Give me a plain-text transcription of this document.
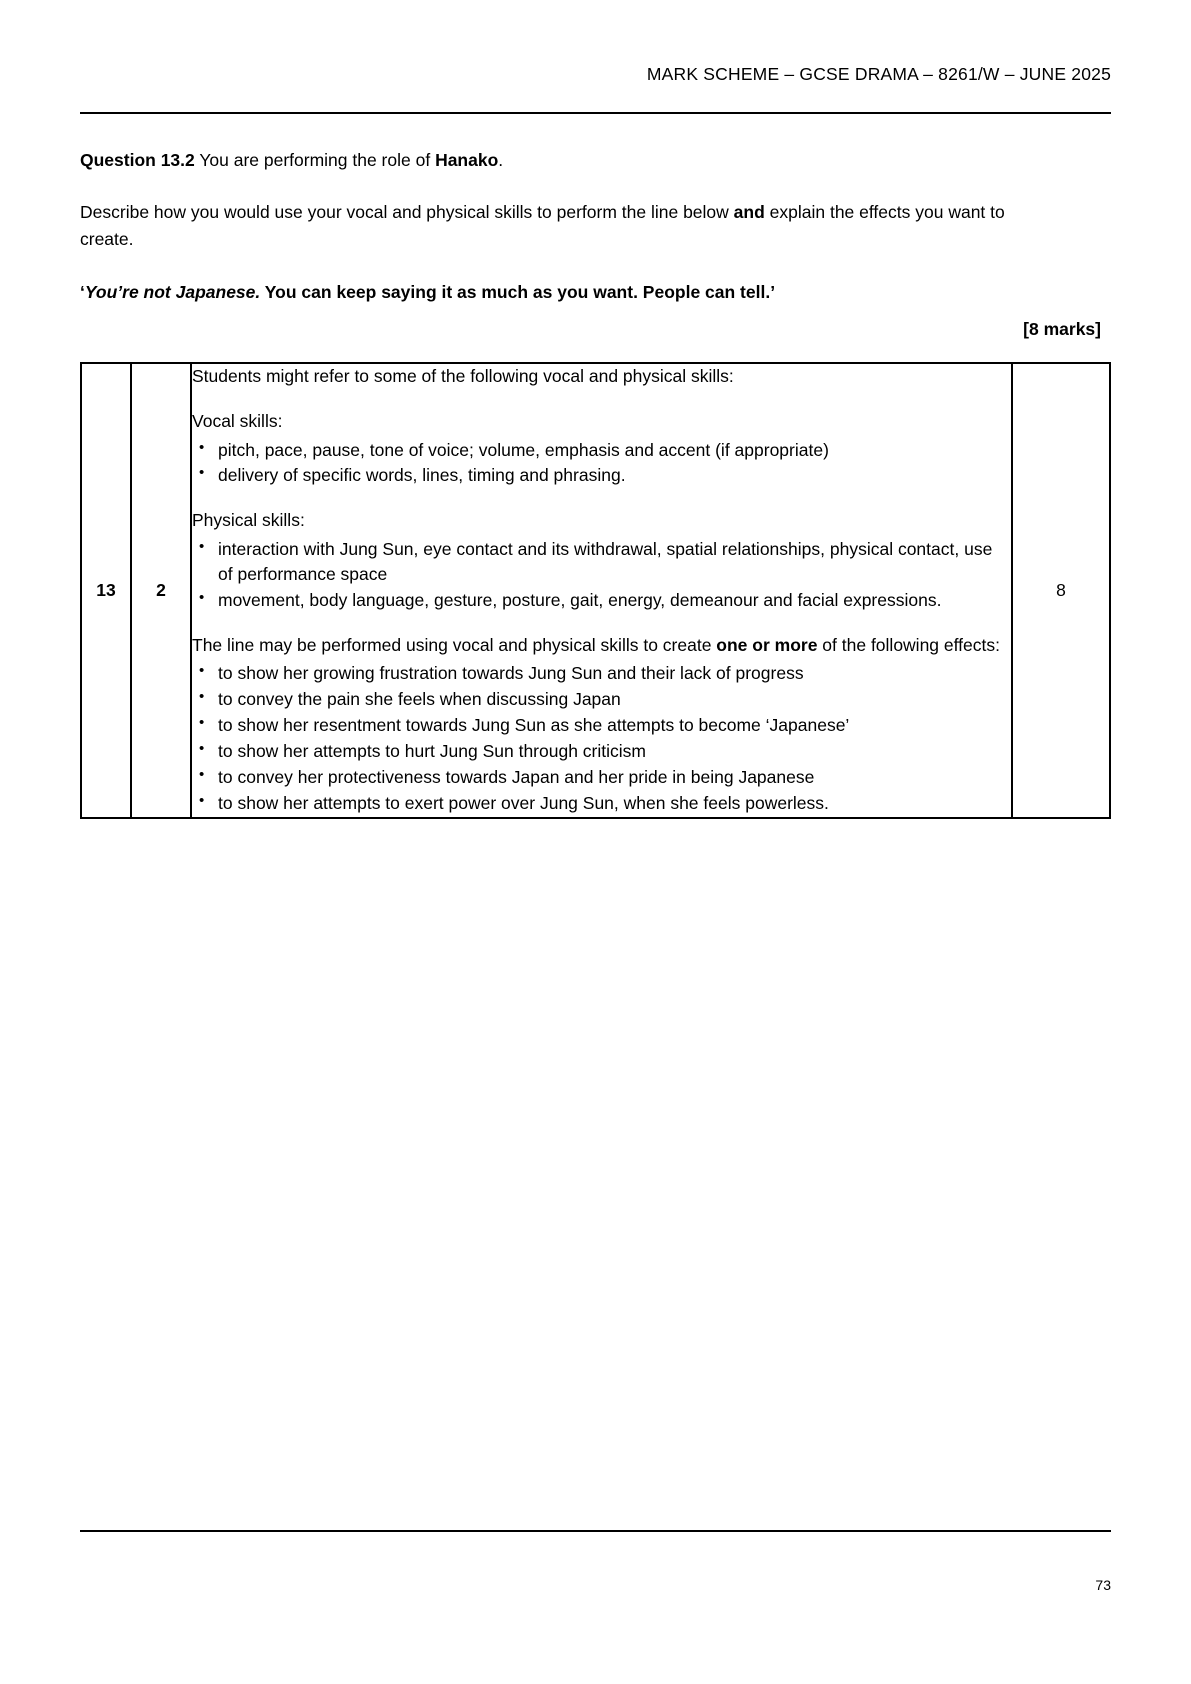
MARK SCHEME – GCSE DRAMA – 8261/W – JUNE 2025

Question 13.2 You are performing the role of Hanako.

Describe how you would use your vocal and physical skills to perform the line below and explain the effects you want to create.

‘You’re not Japanese. You can keep saying it as much as you want. People can tell.’

[8 marks]
13	2	

Students might refer to some of the following vocal and physical skills:

Vocal skills:

• pitch, pace, pause, tone of voice; volume, emphasis and accent (if appropriate)
• delivery of specific words, lines, timing and phrasing.

Physical skills:

• interaction with Jung Sun, eye contact and its withdrawal, spatial relationships, physical contact, use of performance space
• movement, body language, gesture, posture, gait, energy, demeanour and facial expressions.

The line may be performed using vocal and physical skills to create one or more of the following effects:

• to show her growing frustration towards Jung Sun and their lack of progress
• to convey the pain she feels when discussing Japan
• to show her resentment towards Jung Sun as she attempts to become ‘Japanese’
• to show her attempts to hurt Jung Sun through criticism
• to convey her protectiveness towards Japan and her pride in being Japanese
• to show her attempts to exert power over Jung Sun, when she feels powerless.
	8
73
